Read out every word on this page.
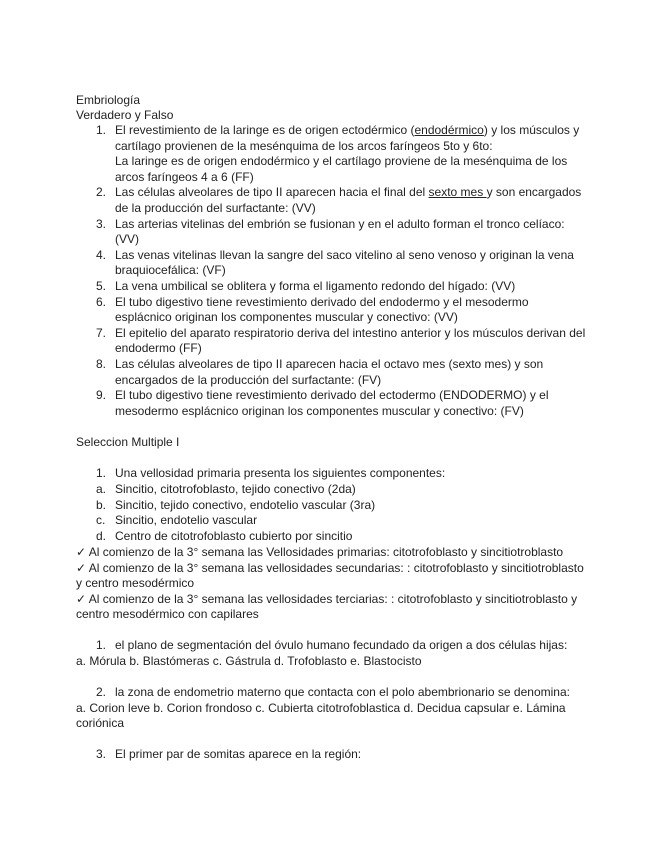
Embriología
Verdadero y Falso
1. El revestimiento de la laringe es de origen ectodérmico (endodérmico) y los músculos y
cartílago provienen de la mesénquima de los arcos faríngeos 5to y 6to:
La laringe es de origen endodérmico y el cartílago proviene de la mesénquima de los
arcos faríngeos 4 a 6 (FF)
2. Las células alveolares de tipo II aparecen hacia el final del sexto mes y son encargados
de la producción del surfactante: (VV)
3. Las arterias vitelinas del embrión se fusionan y en el adulto forman el tronco celíaco:
(VV)
4. Las venas vitelinas llevan la sangre del saco vitelino al seno venoso y originan la vena
braquiocefálica: (VF)
5. La vena umbilical se oblitera y forma el ligamento redondo del hígado: (VV)
6. El tubo digestivo tiene revestimiento derivado del endodermo y el mesodermo
esplácnico originan los componentes muscular y conectivo: (VV)
7. El epitelio del aparato respiratorio deriva del intestino anterior y los músculos derivan del
endodermo (FF)
8. Las células alveolares de tipo II aparecen hacia el octavo mes (sexto mes) y son
encargados de la producción del surfactante: (FV)
9. El tubo digestivo tiene revestimiento derivado del ectodermo (ENDODERMO) y el
mesodermo esplácnico originan los componentes muscular y conectivo: (FV)
Seleccion Multiple I
1. Una vellosidad primaria presenta los siguientes componentes:
a. Sincitio, citotrofoblasto, tejido conectivo (2da)
b. Sincitio, tejido conectivo, endotelio vascular (3ra)
c. Sincitio, endotelio vascular
d. Centro de citotrofoblasto cubierto por sincitio
✓ Al comienzo de la 3° semana las Vellosidades primarias: citotrofoblasto y sincitiotroblasto
✓ Al comienzo de la 3° semana las vellosidades secundarias: : citotrofoblasto y sincitiotroblasto
y centro mesodérmico
✓ Al comienzo de la 3° semana las vellosidades terciarias: : citotrofoblasto y sincitiotroblasto y
centro mesodérmico con capilares
1. el plano de segmentación del óvulo humano fecundado da origen a dos células hijas:
a. Mórula b. Blastómeras c. Gástrula d. Trofoblasto e. Blastocisto
2. la zona de endometrio materno que contacta con el polo abembrionario se denomina:
a. Corion leve b. Corion frondoso c. Cubierta citotrofoblastica d. Decidua capsular e. Lámina
coriónica
3. El primer par de somitas aparece en la región:
